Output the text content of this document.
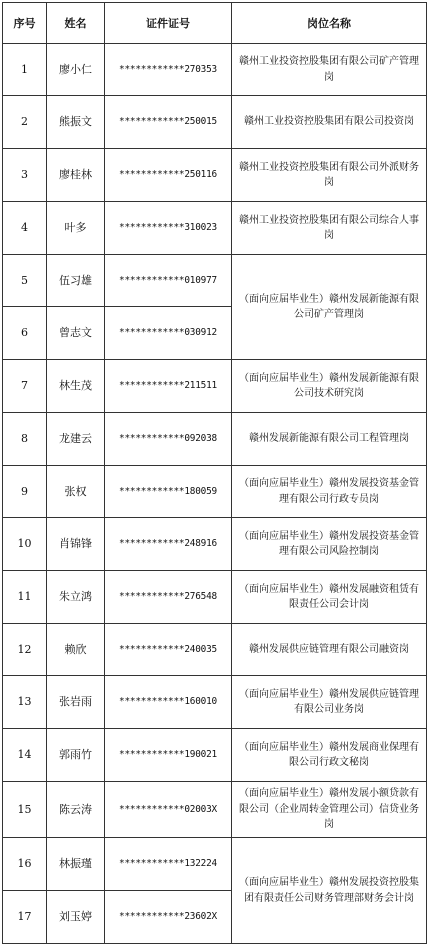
序号	姓名	证件证号	岗位名称
1	廖小仁	************270353	赣州工业投资控股集团有限公司矿产管理岗
2	熊振文	************250015	赣州工业投资控股集团有限公司投资岗
3	廖桂林	************250116	赣州工业投资控股集团有限公司外派财务岗
4	叶多	************310023	赣州工业投资控股集团有限公司综合人事岗
5	伍习雄	************010977	（面向应届毕业生）赣州发展新能源有限公司矿产管理岗
6	曾志文	************030912	
7	林生茂	************211511	（面向应届毕业生）赣州发展新能源有限公司技术研究岗
8	龙建云	************092038	赣州发展新能源有限公司工程管理岗
9	张权	************180059	（面向应届毕业生）赣州发展投资基金管理有限公司行政专员岗
10	肖锦锋	************248916	（面向应届毕业生）赣州发展投资基金管理有限公司风险控制岗
11	朱立鸿	************276548	（面向应届毕业生）赣州发展融资租赁有限责任公司会计岗
12	赖欣	************240035	赣州发展供应链管理有限公司融资岗
13	张岩雨	************160010	（面向应届毕业生）赣州发展供应链管理有限公司业务岗
14	郭雨竹	************190021	（面向应届毕业生）赣州发展商业保理有限公司行政文秘岗
15	陈云涛	************02003X	（面向应届毕业生）赣州发展小额贷款有限公司（企业周转金管理公司）信贷业务岗
16	林振瑾	************132224	（面向应届毕业生）赣州发展投资控股集团有限责任公司财务管理部财务会计岗
17	刘玉婷	************23602X	
